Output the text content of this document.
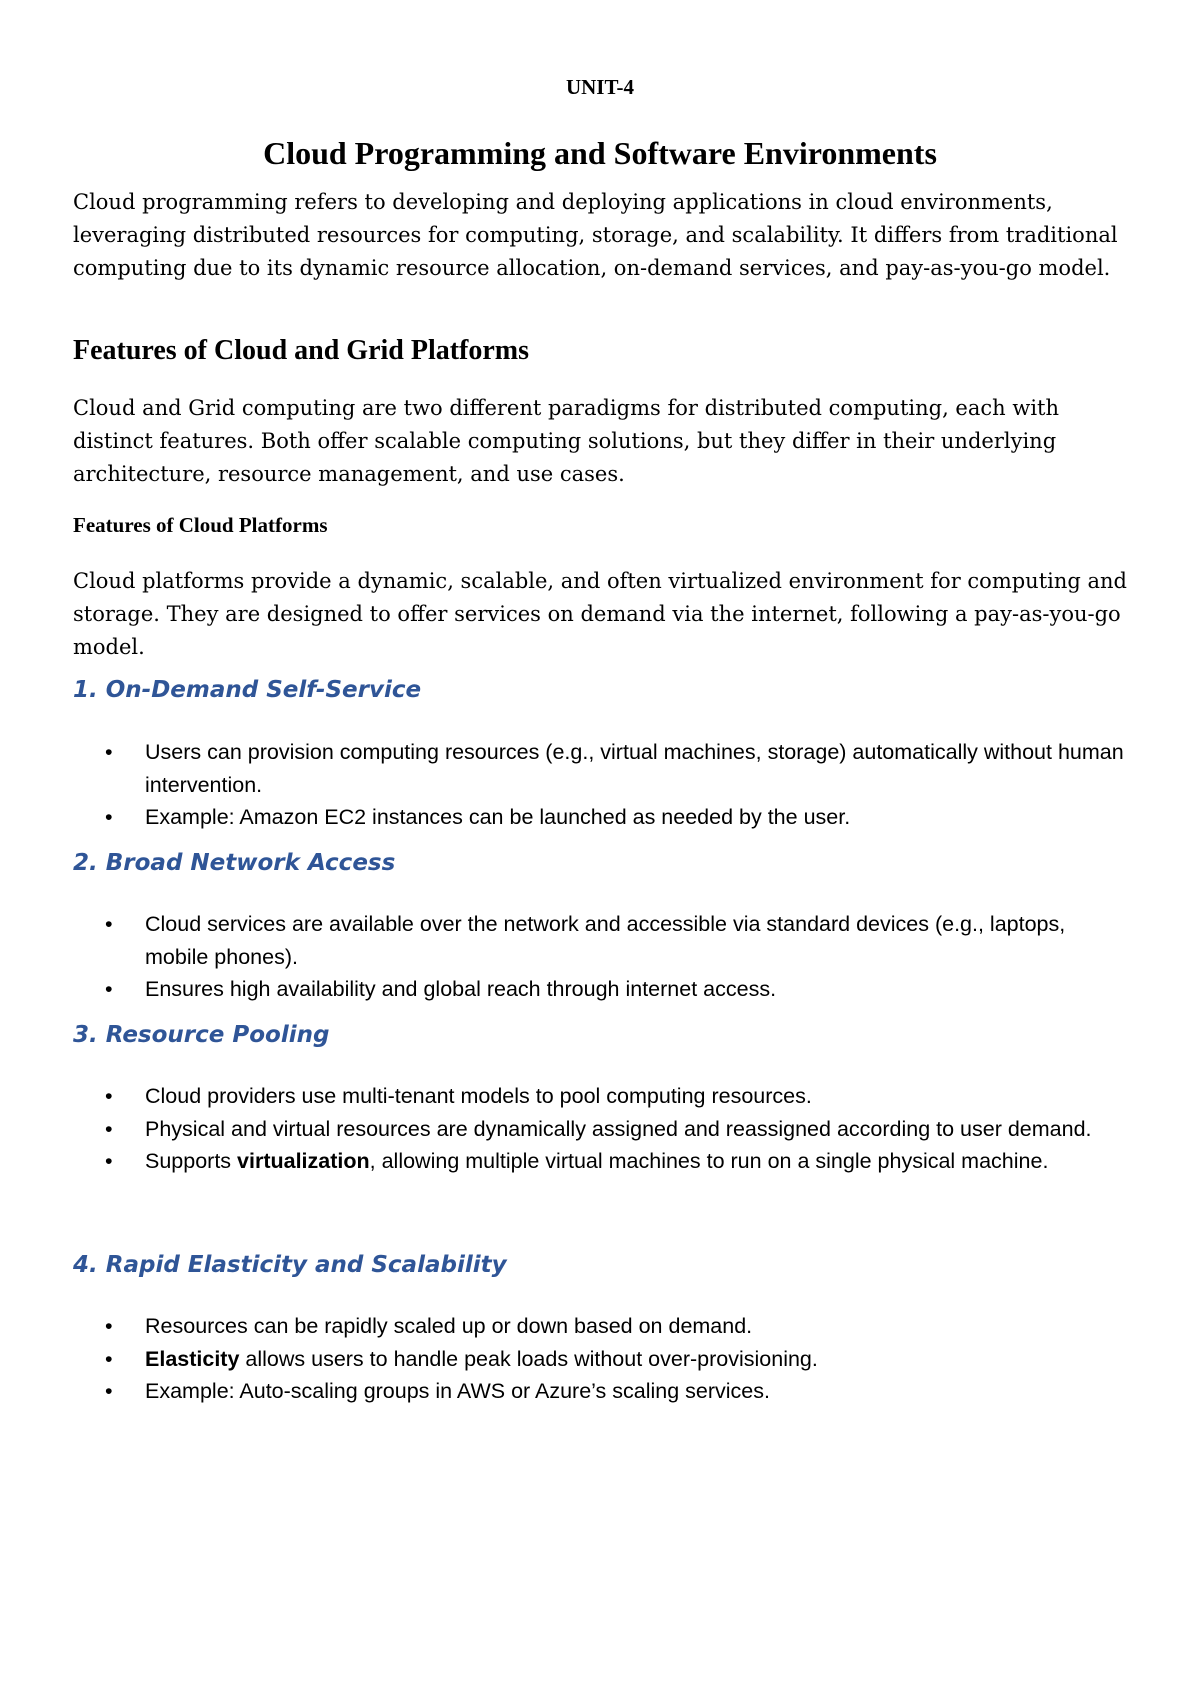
UNIT-4
Cloud Programming and Software Environments

Cloud programming refers to developing and deploying applications in cloud environments, leveraging distributed resources for computing, storage, and scalability. It differs from traditional computing due to its dynamic resource allocation, on-demand services, and pay-as-you-go model.

Features of Cloud and Grid Platforms

Cloud and Grid computing are two different paradigms for distributed computing, each with distinct features. Both offer scalable computing solutions, but they differ in their underlying architecture, resource management, and use cases.

Features of Cloud Platforms

Cloud platforms provide a dynamic, scalable, and often virtualized environment for computing and storage. They are designed to offer services on demand via the internet, following a pay-as-you-go model.

1. On-Demand Self-Service
• Users can provision computing resources (e.g., virtual machines, storage) automatically without human intervention.
• Example: Amazon EC2 instances can be launched as needed by the user.
2. Broad Network Access
• Cloud services are available over the network and accessible via standard devices (e.g., laptops, mobile phones).
• Ensures high availability and global reach through internet access.
3. Resource Pooling
• Cloud providers use multi-tenant models to pool computing resources.
• Physical and virtual resources are dynamically assigned and reassigned according to user demand.
• Supports virtualization, allowing multiple virtual machines to run on a single physical machine.
4. Rapid Elasticity and Scalability
• Resources can be rapidly scaled up or down based on demand.
• Elasticity allows users to handle peak loads without over-provisioning.
• Example: Auto-scaling groups in AWS or Azure’s scaling services.
